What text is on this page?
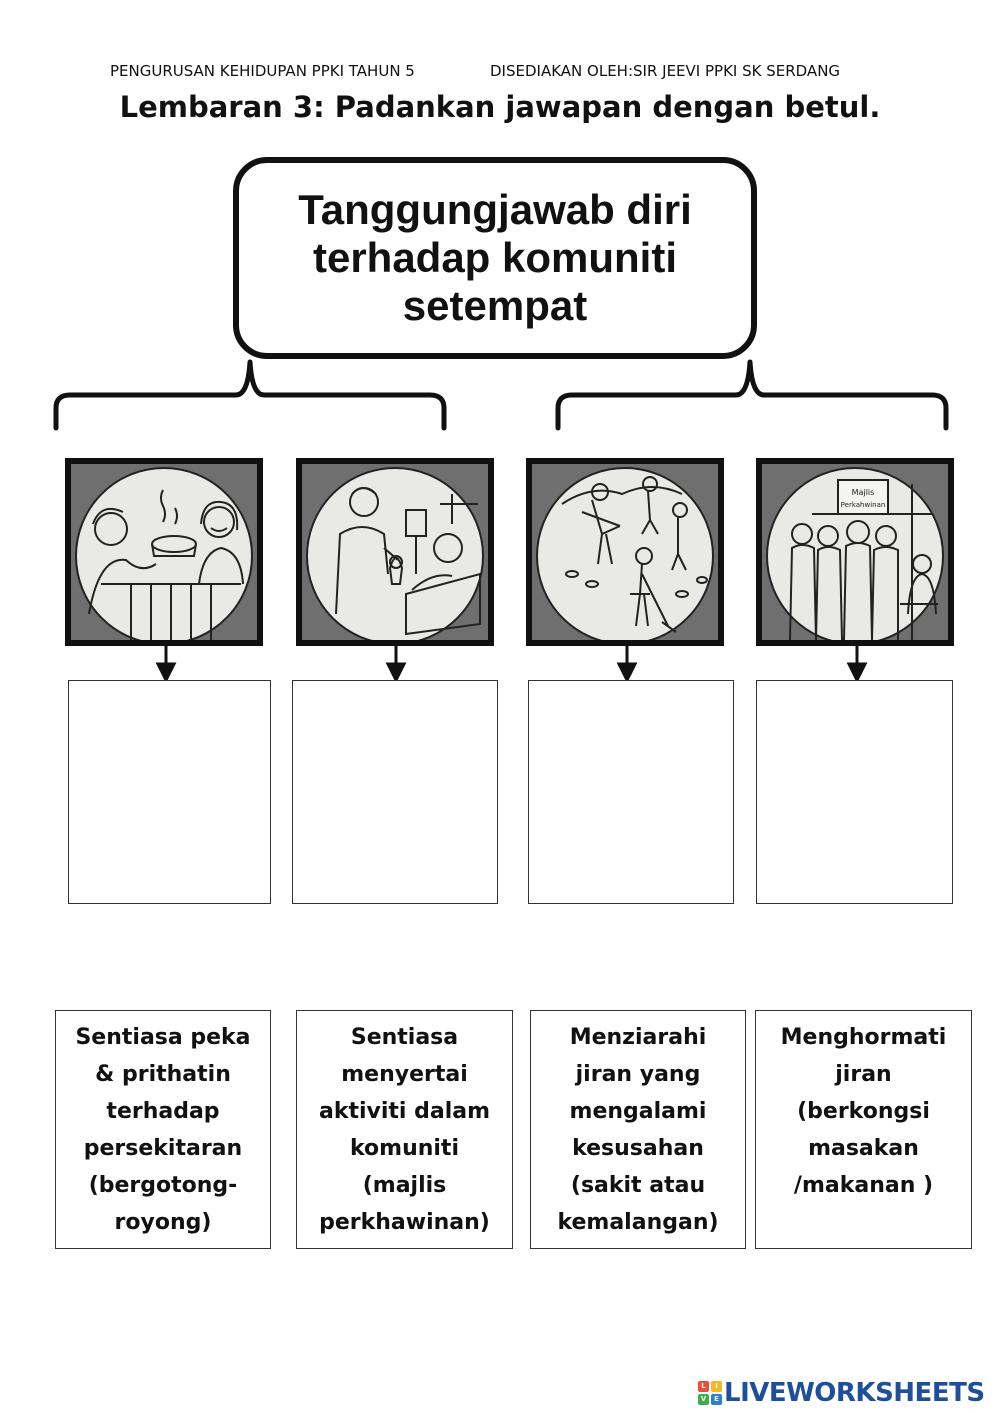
PENGURUSAN KEHIDUPAN PPKI TAHUN 5	DISEDIAKAN OLEH:SIR JEEVI PPKI SK SERDANG
Lembaran 3: Padankan jawapan dengan betul.
Tanggungjawab diri
terhadap komuniti
setempat
Majlis
Perkahwinan
Sentiasa peka
& prithatin
terhadap
persekitaran
(bergotong-
royong)
Sentiasa
menyertai
aktiviti dalam
komuniti
(majlis
perkhawinan)
Menziarahi
jiran yang
mengalami
kesusahan
(sakit atau
kemalangan)
Menghormati
jiran
(berkongsi
masakan
/makanan )
L	I
V	E LIVEWORKSHEETS
